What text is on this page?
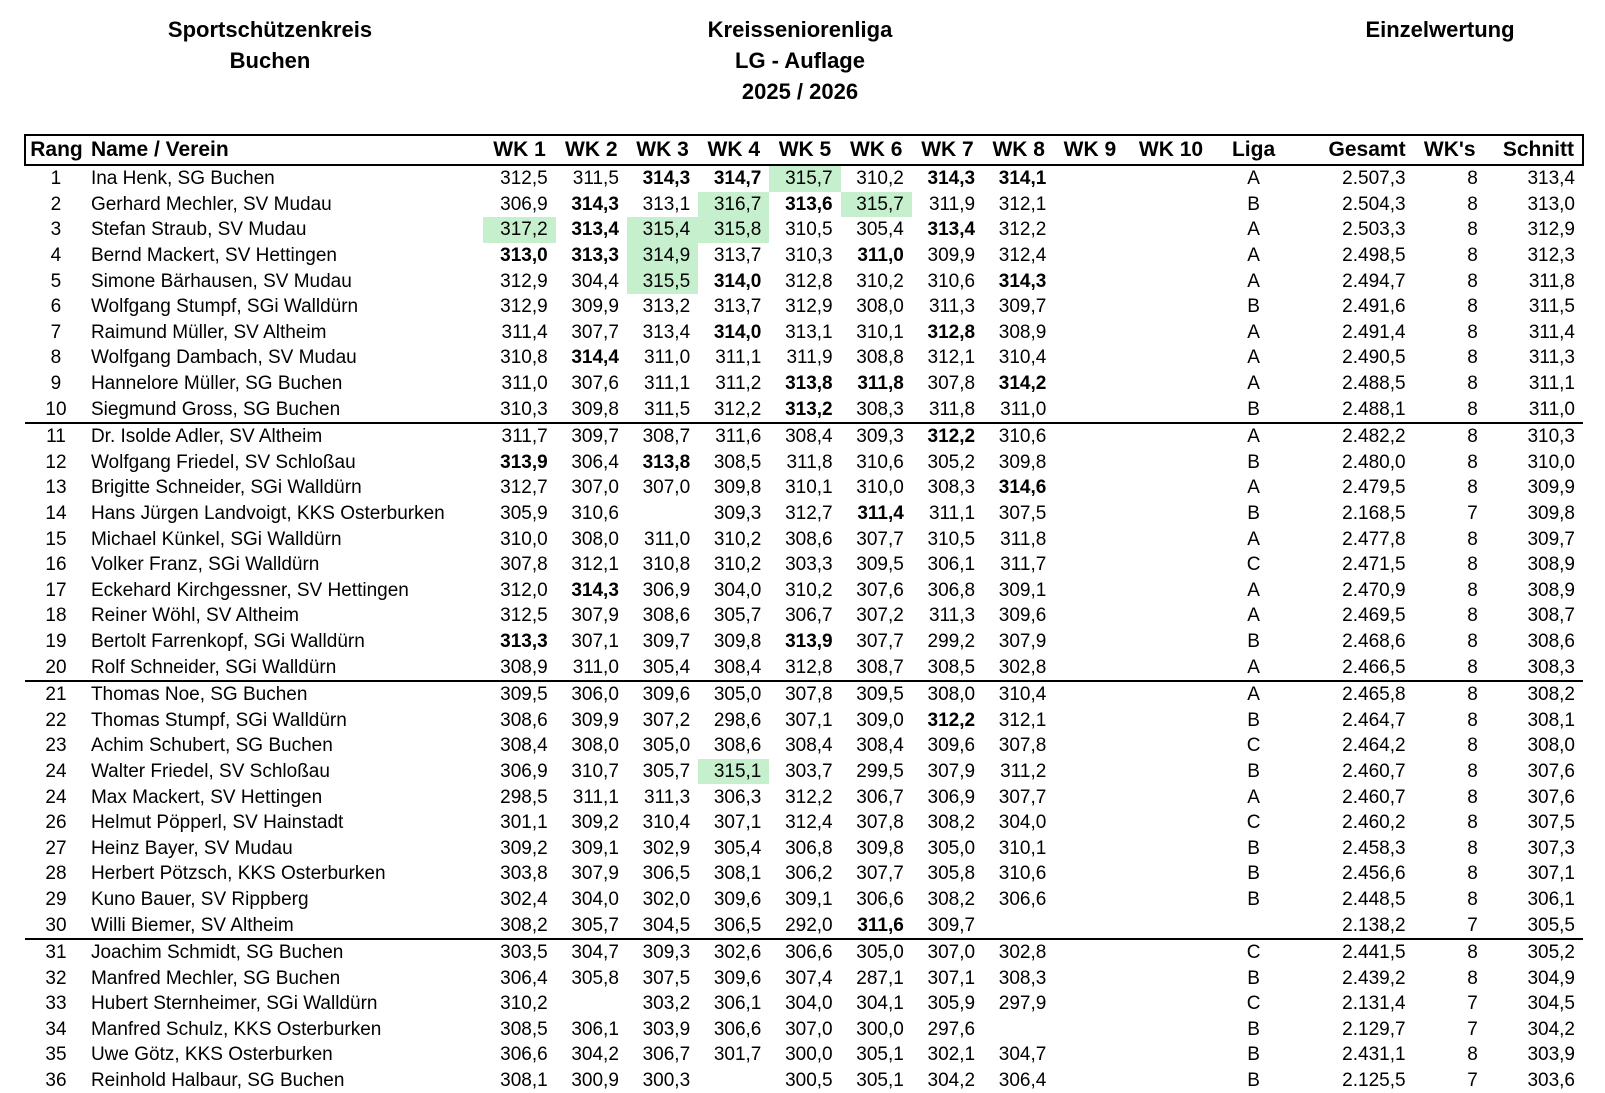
Sportschützenkreis
Buchen
Kreisseniorenliga
LG - Auflage
2025 / 2026
Einzelwertung
Rang	Name / Verein	WK 1	WK 2	WK 3	WK 4	WK 5	WK 6	WK 7	WK 8	WK 9	WK 10	Liga	Gesamt	WK's	Schnitt
1	Ina Henk, SG Buchen	312,5	311,5	314,3	314,7	315,7	310,2	314,3	314,1			A	2.507,3	8	313,4
2	Gerhard Mechler, SV Mudau	306,9	314,3	313,1	316,7	313,6	315,7	311,9	312,1			B	2.504,3	8	313,0
3	Stefan Straub, SV Mudau	317,2	313,4	315,4	315,8	310,5	305,4	313,4	312,2			A	2.503,3	8	312,9
4	Bernd Mackert, SV Hettingen	313,0	313,3	314,9	313,7	310,3	311,0	309,9	312,4			A	2.498,5	8	312,3
5	Simone Bärhausen, SV Mudau	312,9	304,4	315,5	314,0	312,8	310,2	310,6	314,3			A	2.494,7	8	311,8
6	Wolfgang Stumpf, SGi Walldürn	312,9	309,9	313,2	313,7	312,9	308,0	311,3	309,7			B	2.491,6	8	311,5
7	Raimund Müller, SV Altheim	311,4	307,7	313,4	314,0	313,1	310,1	312,8	308,9			A	2.491,4	8	311,4
8	Wolfgang Dambach, SV Mudau	310,8	314,4	311,0	311,1	311,9	308,8	312,1	310,4			A	2.490,5	8	311,3
9	Hannelore Müller, SG Buchen	311,0	307,6	311,1	311,2	313,8	311,8	307,8	314,2			A	2.488,5	8	311,1
10	Siegmund Gross, SG Buchen	310,3	309,8	311,5	312,2	313,2	308,3	311,8	311,0			B	2.488,1	8	311,0
11	Dr. Isolde Adler, SV Altheim	311,7	309,7	308,7	311,6	308,4	309,3	312,2	310,6			A	2.482,2	8	310,3
12	Wolfgang Friedel, SV Schloßau	313,9	306,4	313,8	308,5	311,8	310,6	305,2	309,8			B	2.480,0	8	310,0
13	Brigitte Schneider, SGi Walldürn	312,7	307,0	307,0	309,8	310,1	310,0	308,3	314,6			A	2.479,5	8	309,9
14	Hans Jürgen Landvoigt, KKS Osterburken	305,9	310,6		309,3	312,7	311,4	311,1	307,5			B	2.168,5	7	309,8
15	Michael Künkel, SGi Walldürn	310,0	308,0	311,0	310,2	308,6	307,7	310,5	311,8			A	2.477,8	8	309,7
16	Volker Franz, SGi Walldürn	307,8	312,1	310,8	310,2	303,3	309,5	306,1	311,7			C	2.471,5	8	308,9
17	Eckehard Kirchgessner, SV Hettingen	312,0	314,3	306,9	304,0	310,2	307,6	306,8	309,1			A	2.470,9	8	308,9
18	Reiner Wöhl, SV Altheim	312,5	307,9	308,6	305,7	306,7	307,2	311,3	309,6			A	2.469,5	8	308,7
19	Bertolt Farrenkopf, SGi Walldürn	313,3	307,1	309,7	309,8	313,9	307,7	299,2	307,9			B	2.468,6	8	308,6
20	Rolf Schneider, SGi Walldürn	308,9	311,0	305,4	308,4	312,8	308,7	308,5	302,8			A	2.466,5	8	308,3
21	Thomas Noe, SG Buchen	309,5	306,0	309,6	305,0	307,8	309,5	308,0	310,4			A	2.465,8	8	308,2
22	Thomas Stumpf, SGi Walldürn	308,6	309,9	307,2	298,6	307,1	309,0	312,2	312,1			B	2.464,7	8	308,1
23	Achim Schubert, SG Buchen	308,4	308,0	305,0	308,6	308,4	308,4	309,6	307,8			C	2.464,2	8	308,0
24	Walter Friedel, SV Schloßau	306,9	310,7	305,7	315,1	303,7	299,5	307,9	311,2			B	2.460,7	8	307,6
24	Max Mackert, SV Hettingen	298,5	311,1	311,3	306,3	312,2	306,7	306,9	307,7			A	2.460,7	8	307,6
26	Helmut Pöpperl, SV Hainstadt	301,1	309,2	310,4	307,1	312,4	307,8	308,2	304,0			C	2.460,2	8	307,5
27	Heinz Bayer, SV Mudau	309,2	309,1	302,9	305,4	306,8	309,8	305,0	310,1			B	2.458,3	8	307,3
28	Herbert Pötzsch, KKS Osterburken	303,8	307,9	306,5	308,1	306,2	307,7	305,8	310,6			B	2.456,6	8	307,1
29	Kuno Bauer, SV Rippberg	302,4	304,0	302,0	309,6	309,1	306,6	308,2	306,6			B	2.448,5	8	306,1
30	Willi Biemer, SV Altheim	308,2	305,7	304,5	306,5	292,0	311,6	309,7					2.138,2	7	305,5
31	Joachim Schmidt, SG Buchen	303,5	304,7	309,3	302,6	306,6	305,0	307,0	302,8			C	2.441,5	8	305,2
32	Manfred Mechler, SG Buchen	306,4	305,8	307,5	309,6	307,4	287,1	307,1	308,3			B	2.439,2	8	304,9
33	Hubert Sternheimer, SGi Walldürn	310,2		303,2	306,1	304,0	304,1	305,9	297,9			C	2.131,4	7	304,5
34	Manfred Schulz, KKS Osterburken	308,5	306,1	303,9	306,6	307,0	300,0	297,6				B	2.129,7	7	304,2
35	Uwe Götz, KKS Osterburken	306,6	304,2	306,7	301,7	300,0	305,1	302,1	304,7			B	2.431,1	8	303,9
36	Reinhold Halbaur, SG Buchen	308,1	300,9	300,3		300,5	305,1	304,2	306,4			B	2.125,5	7	303,6
